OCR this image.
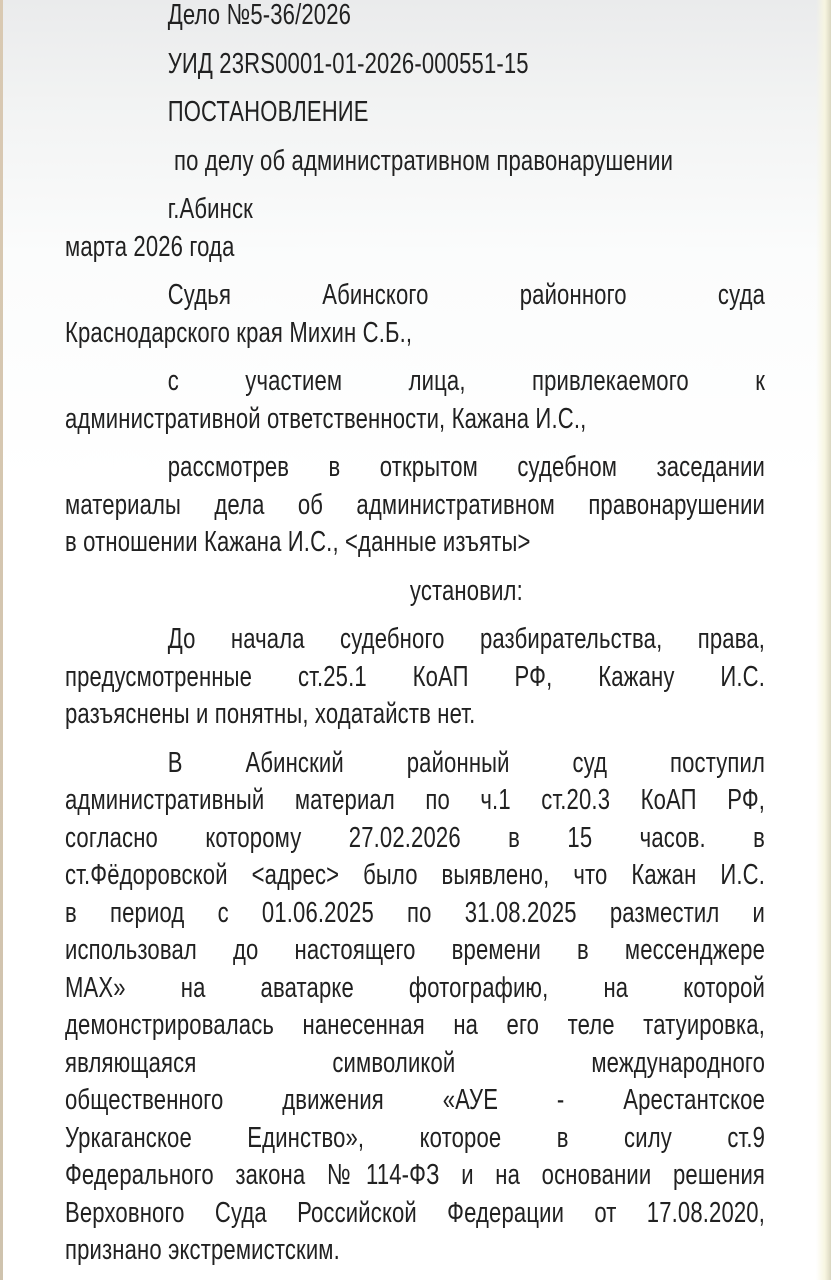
Дело №5-36/2026
УИД 23RS0001-01-2026-000551-15
ПОСТАНОВЛЕНИЕ
по делу об административном правонарушении
г.Абинск
марта 2026 года
Судья Абинского районного суда
Краснодарского края Михин С.Б.,
с участием лица, привлекаемого к
административной ответственности, Кажана И.С.,
рассмотрев в открытом судебном заседании
материалы дела об административном правонарушении
в отношении Кажана И.С., <данные изъяты>
установил:
До начала судебного разбирательства, права,
предусмотренные ст.25.1 КоАП РФ, Кажану И.С.
разъяснены и понятны, ходатайств нет.
В Абинский районный суд поступил
административный материал по ч.1 ст.20.3 КоАП РФ,
согласно которому 27.02.2026 в 15 часов. в
ст.Фёдоровской <адрес> было выявлено, что Кажан И.С.
в период с 01.06.2025 по 31.08.2025 разместил и
использовал до настоящего времени в мессенджере
МАХ» на аватарке фотографию, на которой
демонстрировалась нанесенная на его теле татуировка,
являющаяся символикой международного
общественного движения «АУЕ - Арестантское
Уркаганское Единство», которое в силу ст.9
Федерального закона №114-ФЗ и на основании решения
Верховного Суда Российской Федерации от 17.08.2020,
признано экстремистским.
